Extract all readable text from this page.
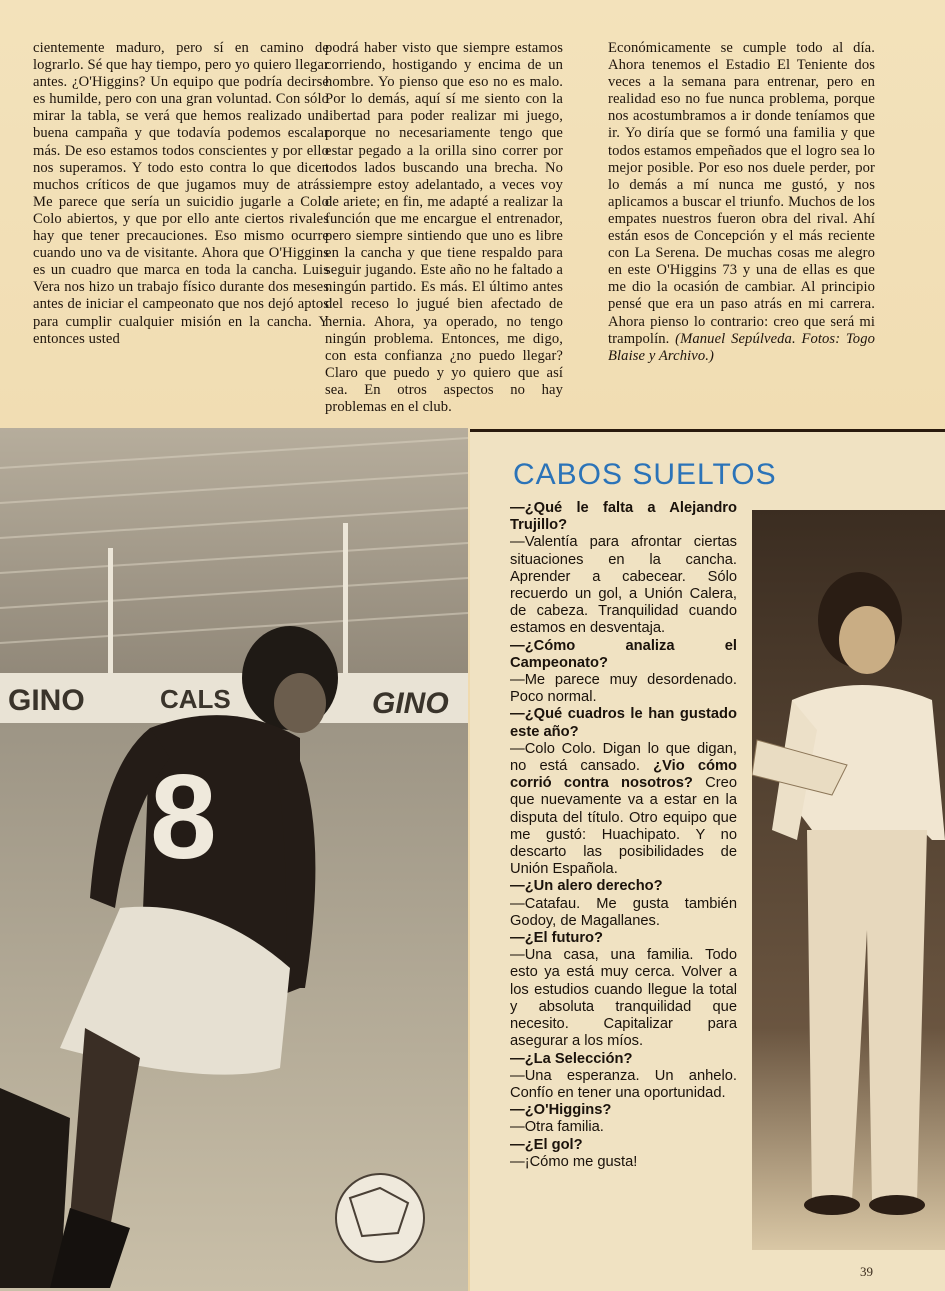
cientemente maduro, pero sí en camino de lograrlo. Sé que hay tiempo, pero yo quiero llegar antes. ¿O'Higgins? Un equipo que podría decirse es humilde, pero con una gran voluntad. Con sólo mirar la tabla, se verá que hemos realizado una buena campaña y que todavía podemos escalar más. De eso estamos todos conscientes y por ello nos superamos. Y todo esto contra lo que dicen muchos críticos de que jugamos muy de atrás. Me parece que sería un suicidio jugarle a Colo Colo abiertos, y que por ello ante ciertos rivales hay que tener precauciones. Eso mismo ocurre cuando uno va de visitante. Ahora que O'Higgins es un cuadro que marca en toda la cancha. Luis Vera nos hizo un trabajo físico durante dos meses antes de iniciar el campeonato que nos dejó aptos para cumplir cualquier misión en la cancha. Y entonces usted

podrá haber visto que siempre estamos corriendo, hostigando y encima de un hombre. Yo pienso que eso no es malo. Por lo demás, aquí sí me siento con la libertad para poder realizar mi juego, porque no necesariamente tengo que estar pegado a la orilla sino correr por todos lados buscando una brecha. No siempre estoy adelantado, a veces voy de ariete; en fin, me adapté a realizar la función que me encargue el entrenador, pero siempre sintiendo que uno es libre en la cancha y que tiene respaldo para seguir jugando. Este año no he faltado a ningún partido. Es más. El último antes del receso lo jugué bien afectado de hernia. Ahora, ya operado, no tengo ningún problema. Entonces, me digo, con esta confianza ¿no puedo llegar? Claro que puedo y yo quiero que así sea. En otros aspectos no hay problemas en el club.

Económicamente se cumple todo al día. Ahora tenemos el Estadio El Teniente dos veces a la semana para entrenar, pero en realidad eso no fue nunca problema, porque nos acostumbramos a ir donde teníamos que ir. Yo diría que se formó una familia y que todos estamos empeñados que el logro sea lo mejor posible. Por eso nos duele perder, por lo demás a mí nunca me gustó, y nos aplicamos a buscar el triunfo. Muchos de los empates nuestros fueron obra del rival. Ahí están esos de Concepción y el más reciente con La Serena. De muchas cosas me alegro en este O'Higgins 73 y una de ellas es que me dio la ocasión de cambiar. Al principio pensé que era un paso atrás en mi carrera. Ahora pienso lo contrario: creo que será mi trampolín. (Manuel Sepúlveda. Fotos: Togo Blaise y Archivo.)

GINO	CALS	GINO
8
CABOS SUELTOS
—¿Qué le falta a Alejandro Trujillo?
—Valentía para afrontar ciertas situaciones en la cancha. Aprender a cabecear. Sólo recuerdo un gol, a Unión Calera, de cabeza. Tranquilidad cuando estamos en desventaja.
—¿Cómo analiza el Campeonato?
—Me parece muy desordenado. Poco normal.
—¿Qué cuadros le han gustado este año?
—Colo Colo. Digan lo que digan, no está cansado. ¿Vio cómo corrió contra nosotros? Creo que nuevamente va a estar en la disputa del título. Otro equipo que me gustó: Huachipato. Y no descarto las posibilidades de Unión Española.
—¿Un alero derecho?
—Catafau. Me gusta también Godoy, de Magallanes.
—¿El futuro?
—Una casa, una familia. Todo esto ya está muy cerca. Volver a los estudios cuando llegue la total y absoluta tranquilidad que necesito. Capitalizar para asegurar a los míos.
—¿La Selección?
—Una esperanza. Un anhelo. Confío en tener una oportunidad.
—¿O'Higgins?
—Otra familia.
—¿El gol?
—¡Cómo me gusta!
39
